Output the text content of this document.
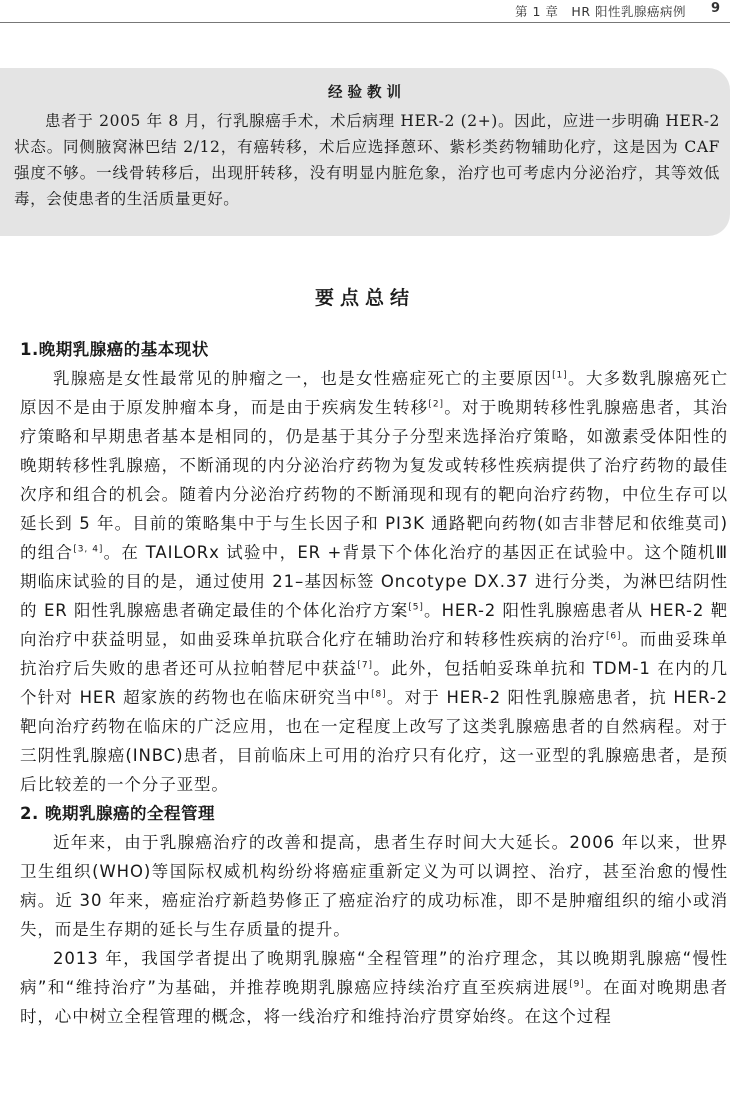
第 1 章　HR 阳性乳腺癌病例 9
经验教训

患者于 2005 年 8 月，行乳腺癌手术，术后病理 HER-2 (2+)。因此，应进一步明确 HER-2 状态。同侧腋窝淋巴结 2/12，有癌转移，术后应选择蒽环、紫杉类药物辅助化疗，这是因为 CAF 强度不够。一线骨转移后，出现肝转移，没有明显内脏危象，治疗也可考虑内分泌治疗，其等效低毒，会使患者的生活质量更好。

要点总结
1.晚期乳腺癌的基本现状

乳腺癌是女性最常见的肿瘤之一，也是女性癌症死亡的主要原因[1]。大多数乳腺癌死亡原因不是由于原发肿瘤本身，而是由于疾病发生转移[2]。对于晚期转移性乳腺癌患者，其治疗策略和早期患者基本是相同的，仍是基于其分子分型来选择治疗策略，如激素受体阳性的晚期转移性乳腺癌，不断涌现的内分泌治疗药物为复发或转移性疾病提供了治疗药物的最佳次序和组合的机会。随着内分泌治疗药物的不断涌现和现有的靶向治疗药物，中位生存可以延长到 5 年。目前的策略集中于与生长因子和 PI3K 通路靶向药物(如吉非替尼和依维莫司)的组合[3, 4]。在 TAILORx 试验中，ER +背景下个体化治疗的基因正在试验中。这个随机Ⅲ期临床试验的目的是，通过使用 21–基因标签 Oncotype DX.37 进行分类，为淋巴结阴性的 ER 阳性乳腺癌患者确定最佳的个体化治疗方案[5]。HER-2 阳性乳腺癌患者从 HER-2 靶向治疗中获益明显，如曲妥珠单抗联合化疗在辅助治疗和转移性疾病的治疗[6]。而曲妥珠单抗治疗后失败的患者还可从拉帕替尼中获益[7]。此外，包括帕妥珠单抗和 TDM-1 在内的几个针对 HER 超家族的药物也在临床研究当中[8]。对于 HER-2 阳性乳腺癌患者，抗 HER-2 靶向治疗药物在临床的广泛应用，也在一定程度上改写了这类乳腺癌患者的自然病程。对于三阴性乳腺癌(INBC)患者，目前临床上可用的治疗只有化疗，这一亚型的乳腺癌患者，是预后比较差的一个分子亚型。

2. 晚期乳腺癌的全程管理

近年来，由于乳腺癌治疗的改善和提高，患者生存时间大大延长。2006 年以来，世界卫生组织(WHO)等国际权威机构纷纷将癌症重新定义为可以调控、治疗，甚至治愈的慢性病。近 30 年来，癌症治疗新趋势修正了癌症治疗的成功标准，即不是肿瘤组织的缩小或消失，而是生存期的延长与生存质量的提升。

2013 年，我国学者提出了晚期乳腺癌“全程管理”的治疗理念，其以晚期乳腺癌“慢性病”和“维持治疗”为基础，并推荐晚期乳腺癌应持续治疗直至疾病进展[9]。在面对晚期患者时，心中树立全程管理的概念，将一线治疗和维持治疗贯穿始终。在这个过程
